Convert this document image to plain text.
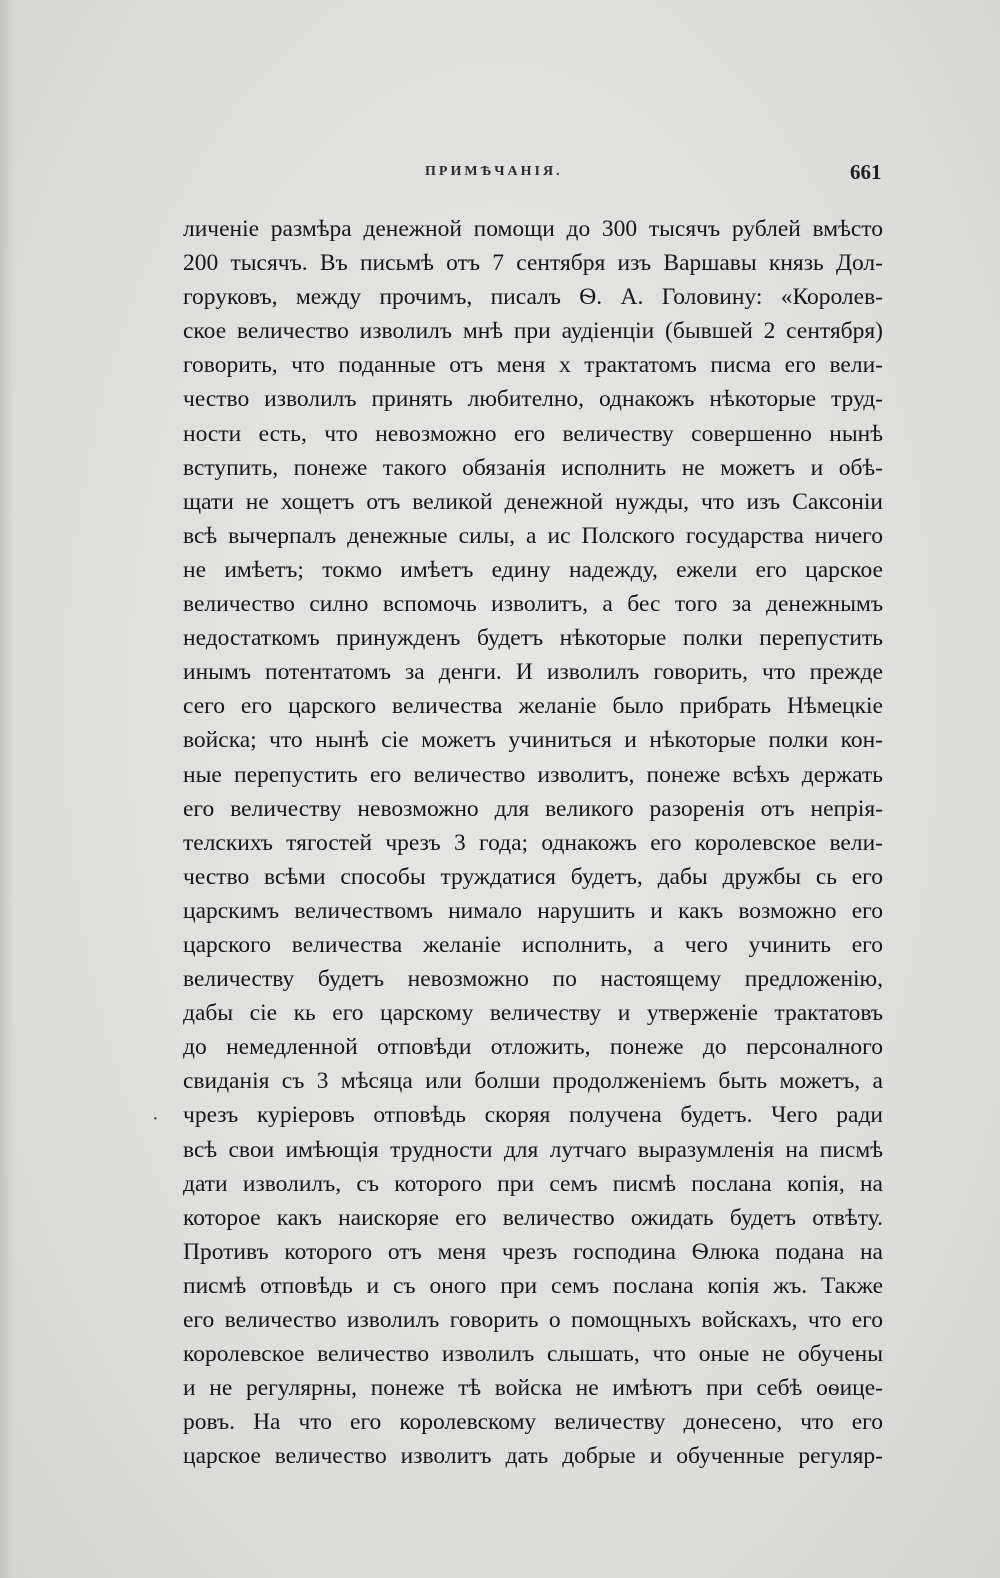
ПРИМѢЧАНІЯ.	661
·
личеніе размѣра денежной помощи до 300 тысячъ рублей вмѣсто
200 тысячъ. Въ письмѣ отъ 7 сентября изъ Варшавы князь Дол-
горуковъ, между прочимъ, писалъ Ѳ. А. Головину: «Королев-
ское величество изволилъ мнѣ при аудіенціи (бывшей 2 сентября)
говорить, что поданные отъ меня х трактатомъ писма его вели-
чество изволилъ принять любително, однакожъ нѣкоторые труд-
ности есть, что невозможно его величеству совершенно нынѣ
вступить, понеже такого обязанія исполнить не можетъ и обѣ-
щати не хощетъ отъ великой денежной нужды, что изъ Саксоніи
всѣ вычерпалъ денежные силы, а ис Полского государства ничего
не имѣетъ; токмо имѣетъ едину надежду, ежели его царское
величество силно вспомочь изволитъ, а бес того за денежнымъ
недостаткомъ принужденъ будетъ нѣкоторые полки перепустить
инымъ потентатомъ за денги. И изволилъ говорить, что прежде
сего его царского величества желаніе было прибрать Нѣмецкіе
войска; что нынѣ сіе можетъ учиниться и нѣкоторые полки кон-
ные перепустить его величество изволитъ, понеже всѣхъ держать
его величеству невозможно для великого разоренія отъ непрія-
телскихъ тягостей чрезъ 3 года; однакожъ его королевское вели-
чество всѣми способы труждатися будетъ, дабы дружбы сь его
царскимъ величествомъ нимало нарушить и какъ возможно его
царского величества желаніе исполнить, а чего учинить его
величеству будетъ невозможно по настоящему предложенію,
дабы сіе кь его царскому величеству и утверженіе трактатовъ
до немедленной отповѣди отложить, понеже до персоналного
свиданія съ 3 мѣсяца или болши продолженіемъ быть можетъ, а
чрезъ куріеровъ отповѣдь скоряя получена будетъ. Чего ради
всѣ свои имѣющія трудности для лутчаго выразумленія на писмѣ
дати изволилъ, съ которого при семъ писмѣ послана копія, на
которое какъ наискоряе его величество ожидать будетъ отвѣту.
Противъ которого отъ меня чрезъ господина Ѳлюка подана на
писмѣ отповѣдь и съ оного при семъ послана копія жъ. Также
его величество изволилъ говорить о помощныхъ войскахъ, что его
королевское величество изволилъ слышать, что оные не обучены
и не регулярны, понеже тѣ войска не имѣютъ при себѣ оѳице-
ровъ. На что его королевскому величеству донесено, что его
царское величество изволитъ дать добрые и обученные регуляр-
